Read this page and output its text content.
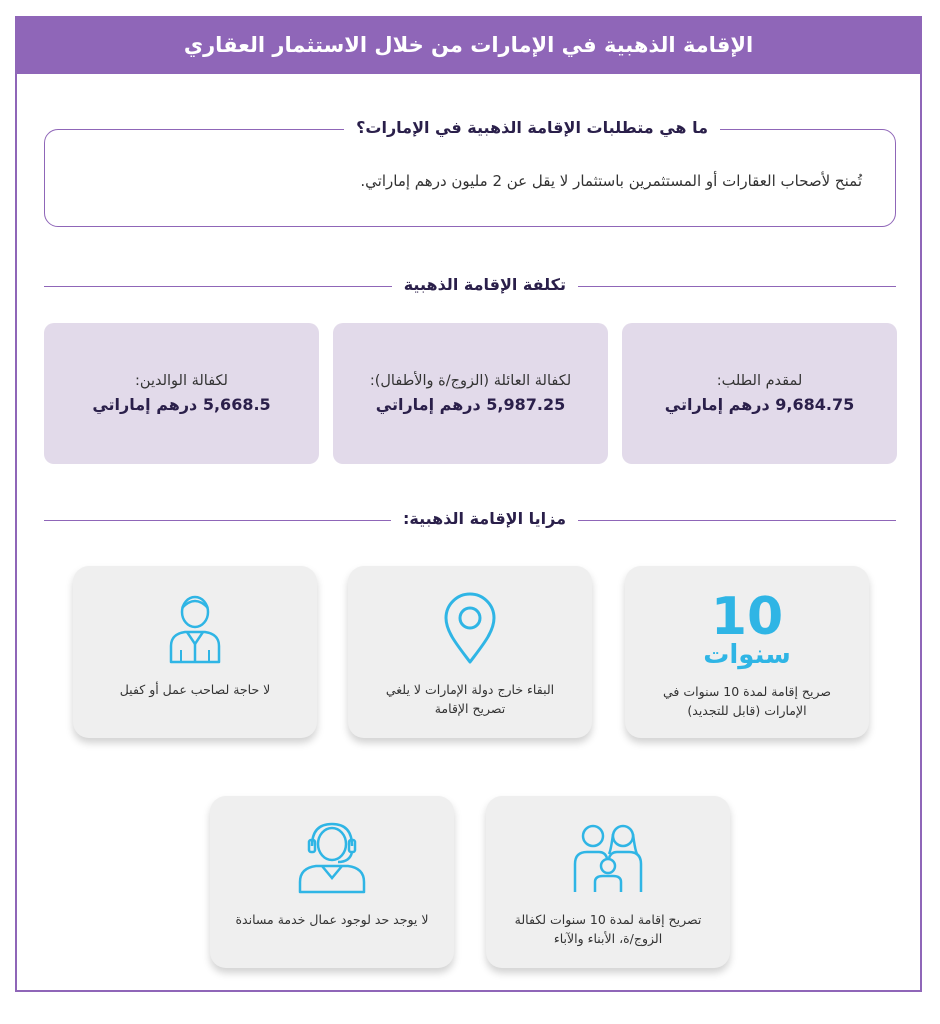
الإقامة الذهبية في الإمارات من خلال الاستثمار العقاري
ما هي متطلبات الإقامة الذهبية في الإمارات؟
تُمنح لأصحاب العقارات أو المستثمرين باستثمار لا يقل عن 2 مليون درهم إماراتي.
تكلفة الإقامة الذهبية
لمقدم الطلب:
9,684.75 درهم إماراتي
لكفالة العائلة (الزوج/ة والأطفال):
5,987.25 درهم إماراتي
لكفالة الوالدين:
5,668.5 درهم إماراتي
مزايا الإقامة الذهبية:
10
سنوات
صريح إقامة لمدة 10 سنوات في الإمارات (قابل للتجديد)
البقاء خارج دولة الإمارات لا يلغي تصريح الإقامة
لا حاجة لصاحب عمل أو كفيل
تصريح إقامة لمدة 10 سنوات لكفالة الزوج/ة، الأبناء والآباء
لا يوجد حد لوجود عمال خدمة مساندة
